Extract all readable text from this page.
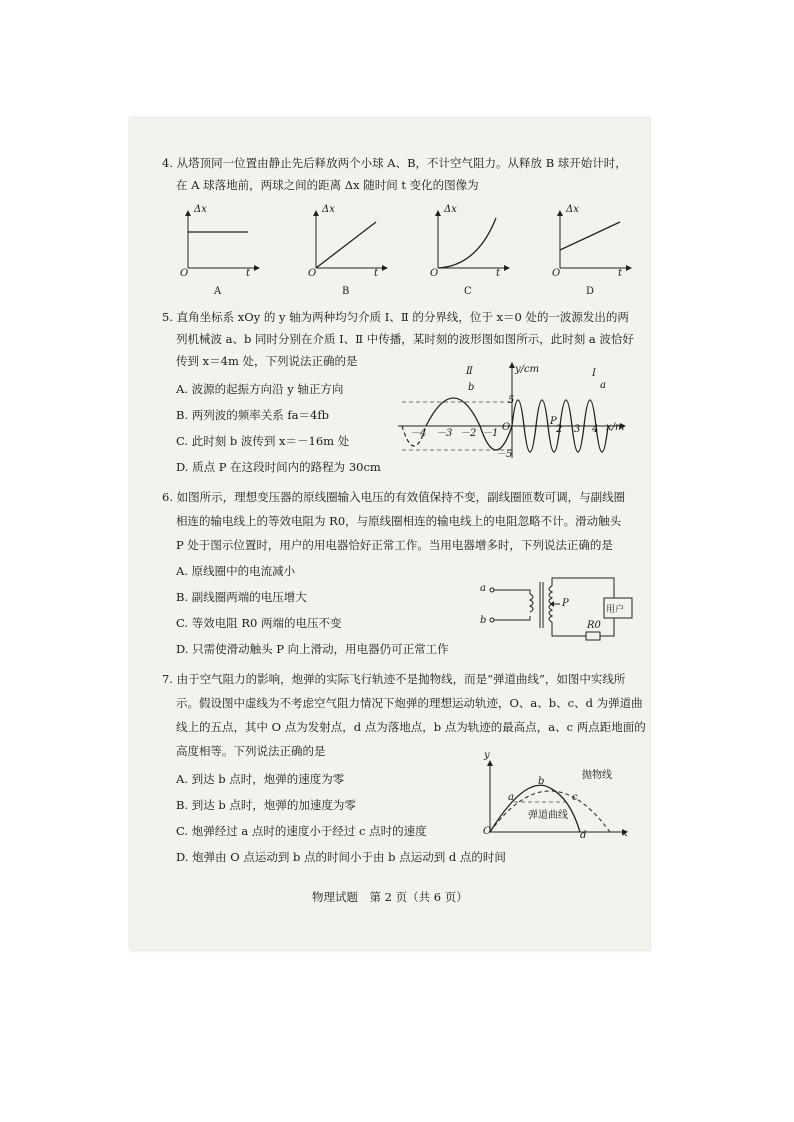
4. 从塔顶同一位置由静止先后释放两个小球 A、B，不计空气阻力。从释放 B 球开始计时，
在 A 球落地前，两球之间的距离 Δx 随时间 t 变化的图像为
Δx
O	t
A
Δx
O	t
B
Δx
O	t
C
Δx
O	t
D
5. 直角坐标系 xOy 的 y 轴为两种均匀介质 Ⅰ、Ⅱ 的分界线，位于 x＝0 处的一波源发出的两
列机械波 a、b 同时分别在介质 Ⅰ、Ⅱ 中传播，某时刻的波形图如图所示，此时刻 a 波恰好
传到 x＝4m 处，下列说法正确的是
A. 波源的起振方向沿 y 轴正方向
B. 两列波的频率关系 fa＝4fb
C. 此时刻 b 波传到 x＝－16m 处
D. 质点 P 在这段时间内的路程为 30cm
Ⅱ	Ⅰ
y/cm
x/m
a
b
5
－5
O
P
－4 －3 －2 －1	2 3 4
6. 如图所示，理想变压器的原线圈输入电压的有效值保持不变，副线圈匝数可调，与副线圈
相连的输电线上的等效电阻为 R0，与原线圈相连的输电线上的电阻忽略不计。滑动触头
P 处于图示位置时，用户的用电器恰好正常工作。当用电器增多时，下列说法正确的是
A. 原线圈中的电流减小
B. 副线圈两端的电压增大
C. 等效电阻 R0 两端的电压不变
D. 只需使滑动触头 P 向上滑动，用电器仍可正常工作
a
b
P
R0
用户
7. 由于空气阻力的影响，炮弹的实际飞行轨迹不是抛物线，而是“弹道曲线”，如图中实线所
示。假设图中虚线为不考虑空气阻力情况下炮弹的理想运动轨迹，O、a、b、c、d 为弹道曲
线上的五点，其中 O 点为发射点，d 点为落地点，b 点为轨迹的最高点，a、c 两点距地面的
高度相等。下列说法正确的是
A. 到达 b 点时，炮弹的速度为零
B. 到达 b 点时，炮弹的加速度为零
C. 炮弹经过 a 点时的速度小于经过 c 点时的速度
D. 炮弹由 O 点运动到 b 点的时间小于由 b 点运动到 d 点的时间
y
x
O
抛物线
弹道曲线
a
b
c
d
物理试题　第 2 页（共 6 页）
